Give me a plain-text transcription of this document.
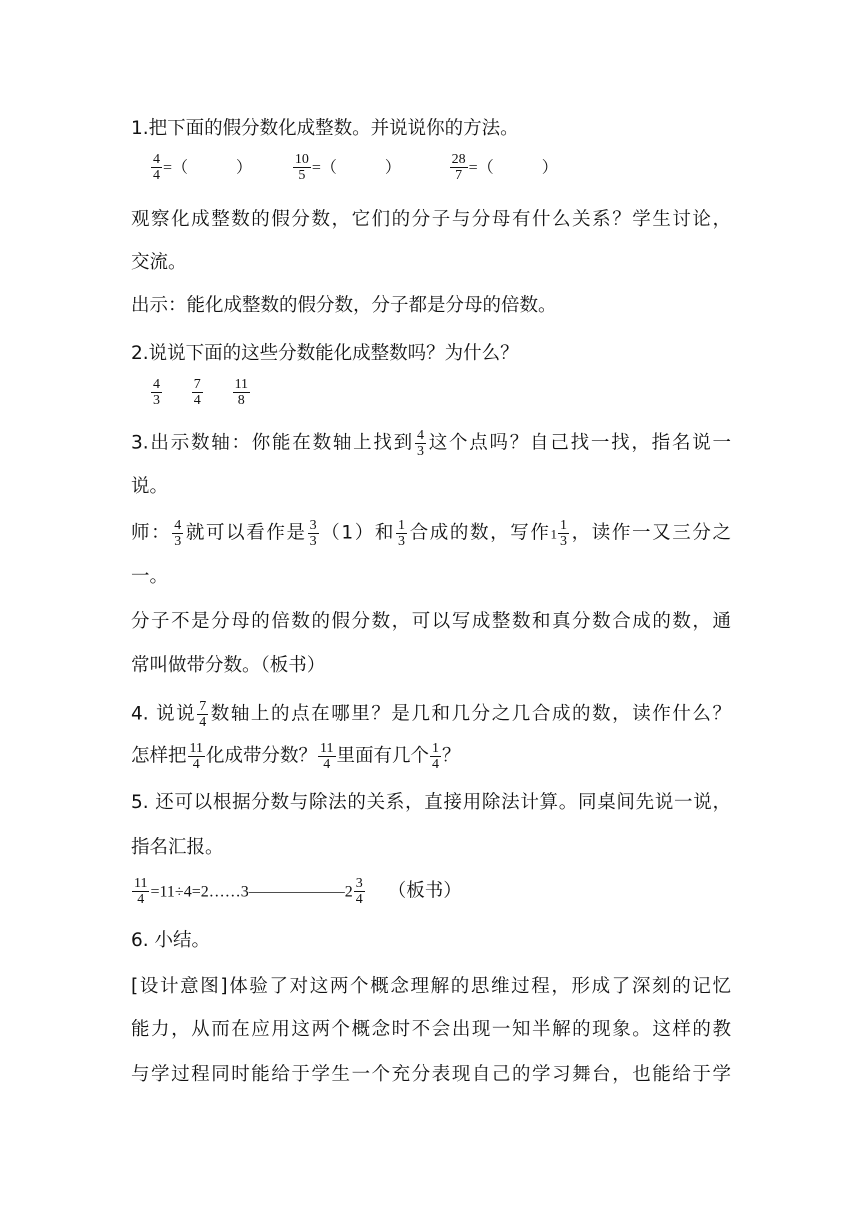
1.把下面的假分数化成整数。并说说你的方法。
$\frac{4}{4}$ =（　　　）	$\frac{10}{5}$ =（　　　）	$\frac{28}{7}$ =（　　　）
观察化成整数的假分数，它们的分子与分母有什么关系？学生讨论，
交流。
出示：能化成整数的假分数，分子都是分母的倍数。
2.说说下面的这些分数能化成整数吗？为什么？
$\frac{4}{3}$
$\frac{7}{4}$
$\frac{11}{8}$
3.出示数轴：你能在数轴上找到 $\frac{4}{3}$ 这个点吗？自己找一找，指名说一
说。
师： $\frac{4}{3}$ 就可以看作是 $\frac{3}{3} (1)$和 $\frac{1}{3}$ 合成的数，写作$1 \frac{1}{3}$ ，读作一又三分之
一。
分子不是分母的倍数的假分数，可以写成整数和真分数合成的数，通
常叫做带分数。（板书）
4. 说说 $\frac{7}{4}$ 数轴上的点在哪里？是几和几分之几合成的数，读作什么？
怎样把 $\frac{11}{4}$ 化成带分数？ $\frac{11}{4}$ 里面有几个 $\frac{1}{4}$ ？
5. 还可以根据分数与除法的关系，直接用除法计算。同桌间先说一说，
指名汇报。
$\frac{11}{4}$ =11÷4=2……3——————2 $\frac{3}{4}$ （板书）
6. 小结。
[设计意图]体验了对这两个概念理解的思维过程，形成了深刻的记忆
能力，从而在应用这两个概念时不会出现一知半解的现象。这样的教
与学过程同时能给于学生一个充分表现自己的学习舞台，也能给于学
